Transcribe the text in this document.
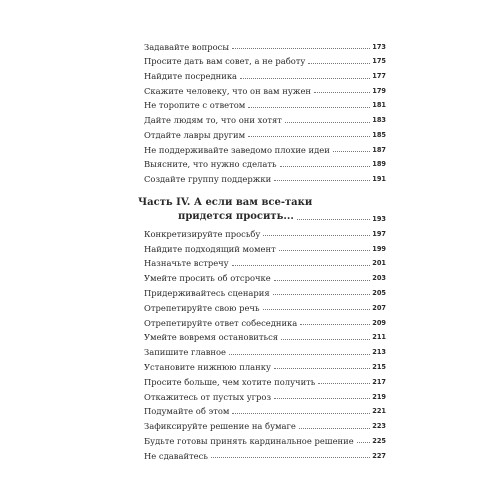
Задавайте вопросы	173
Просите дать вам совет, а не работу	175
Найдите посредника	177
Скажите человеку, что он вам нужен	179
Не торопите с ответом	181
Дайте людям то, что они хотят	183
Отдайте лавры другим	185
Не поддерживайте заведомо плохие идеи	187
Выясните, что нужно сделать	189
Создайте группу поддержки	191
Часть IV. А если вам все-таки
придется просить...	193
Конкретизируйте просьбу	197
Найдите подходящий момент	199
Назначьте встречу	201
Умейте просить об отсрочке	203
Придерживайтесь сценария	205
Отрепетируйте свою речь	207
Отрепетируйте ответ собеседника	209
Умейте вовремя остановиться	211
Запишите главное	213
Установите нижнюю планку	215
Просите больше, чем хотите получить	217
Откажитесь от пустых угроз	219
Подумайте об этом	221
Зафиксируйте решение на бумаге	223
Будьте готовы принять кардинальное решение	225
Не сдавайтесь	227
